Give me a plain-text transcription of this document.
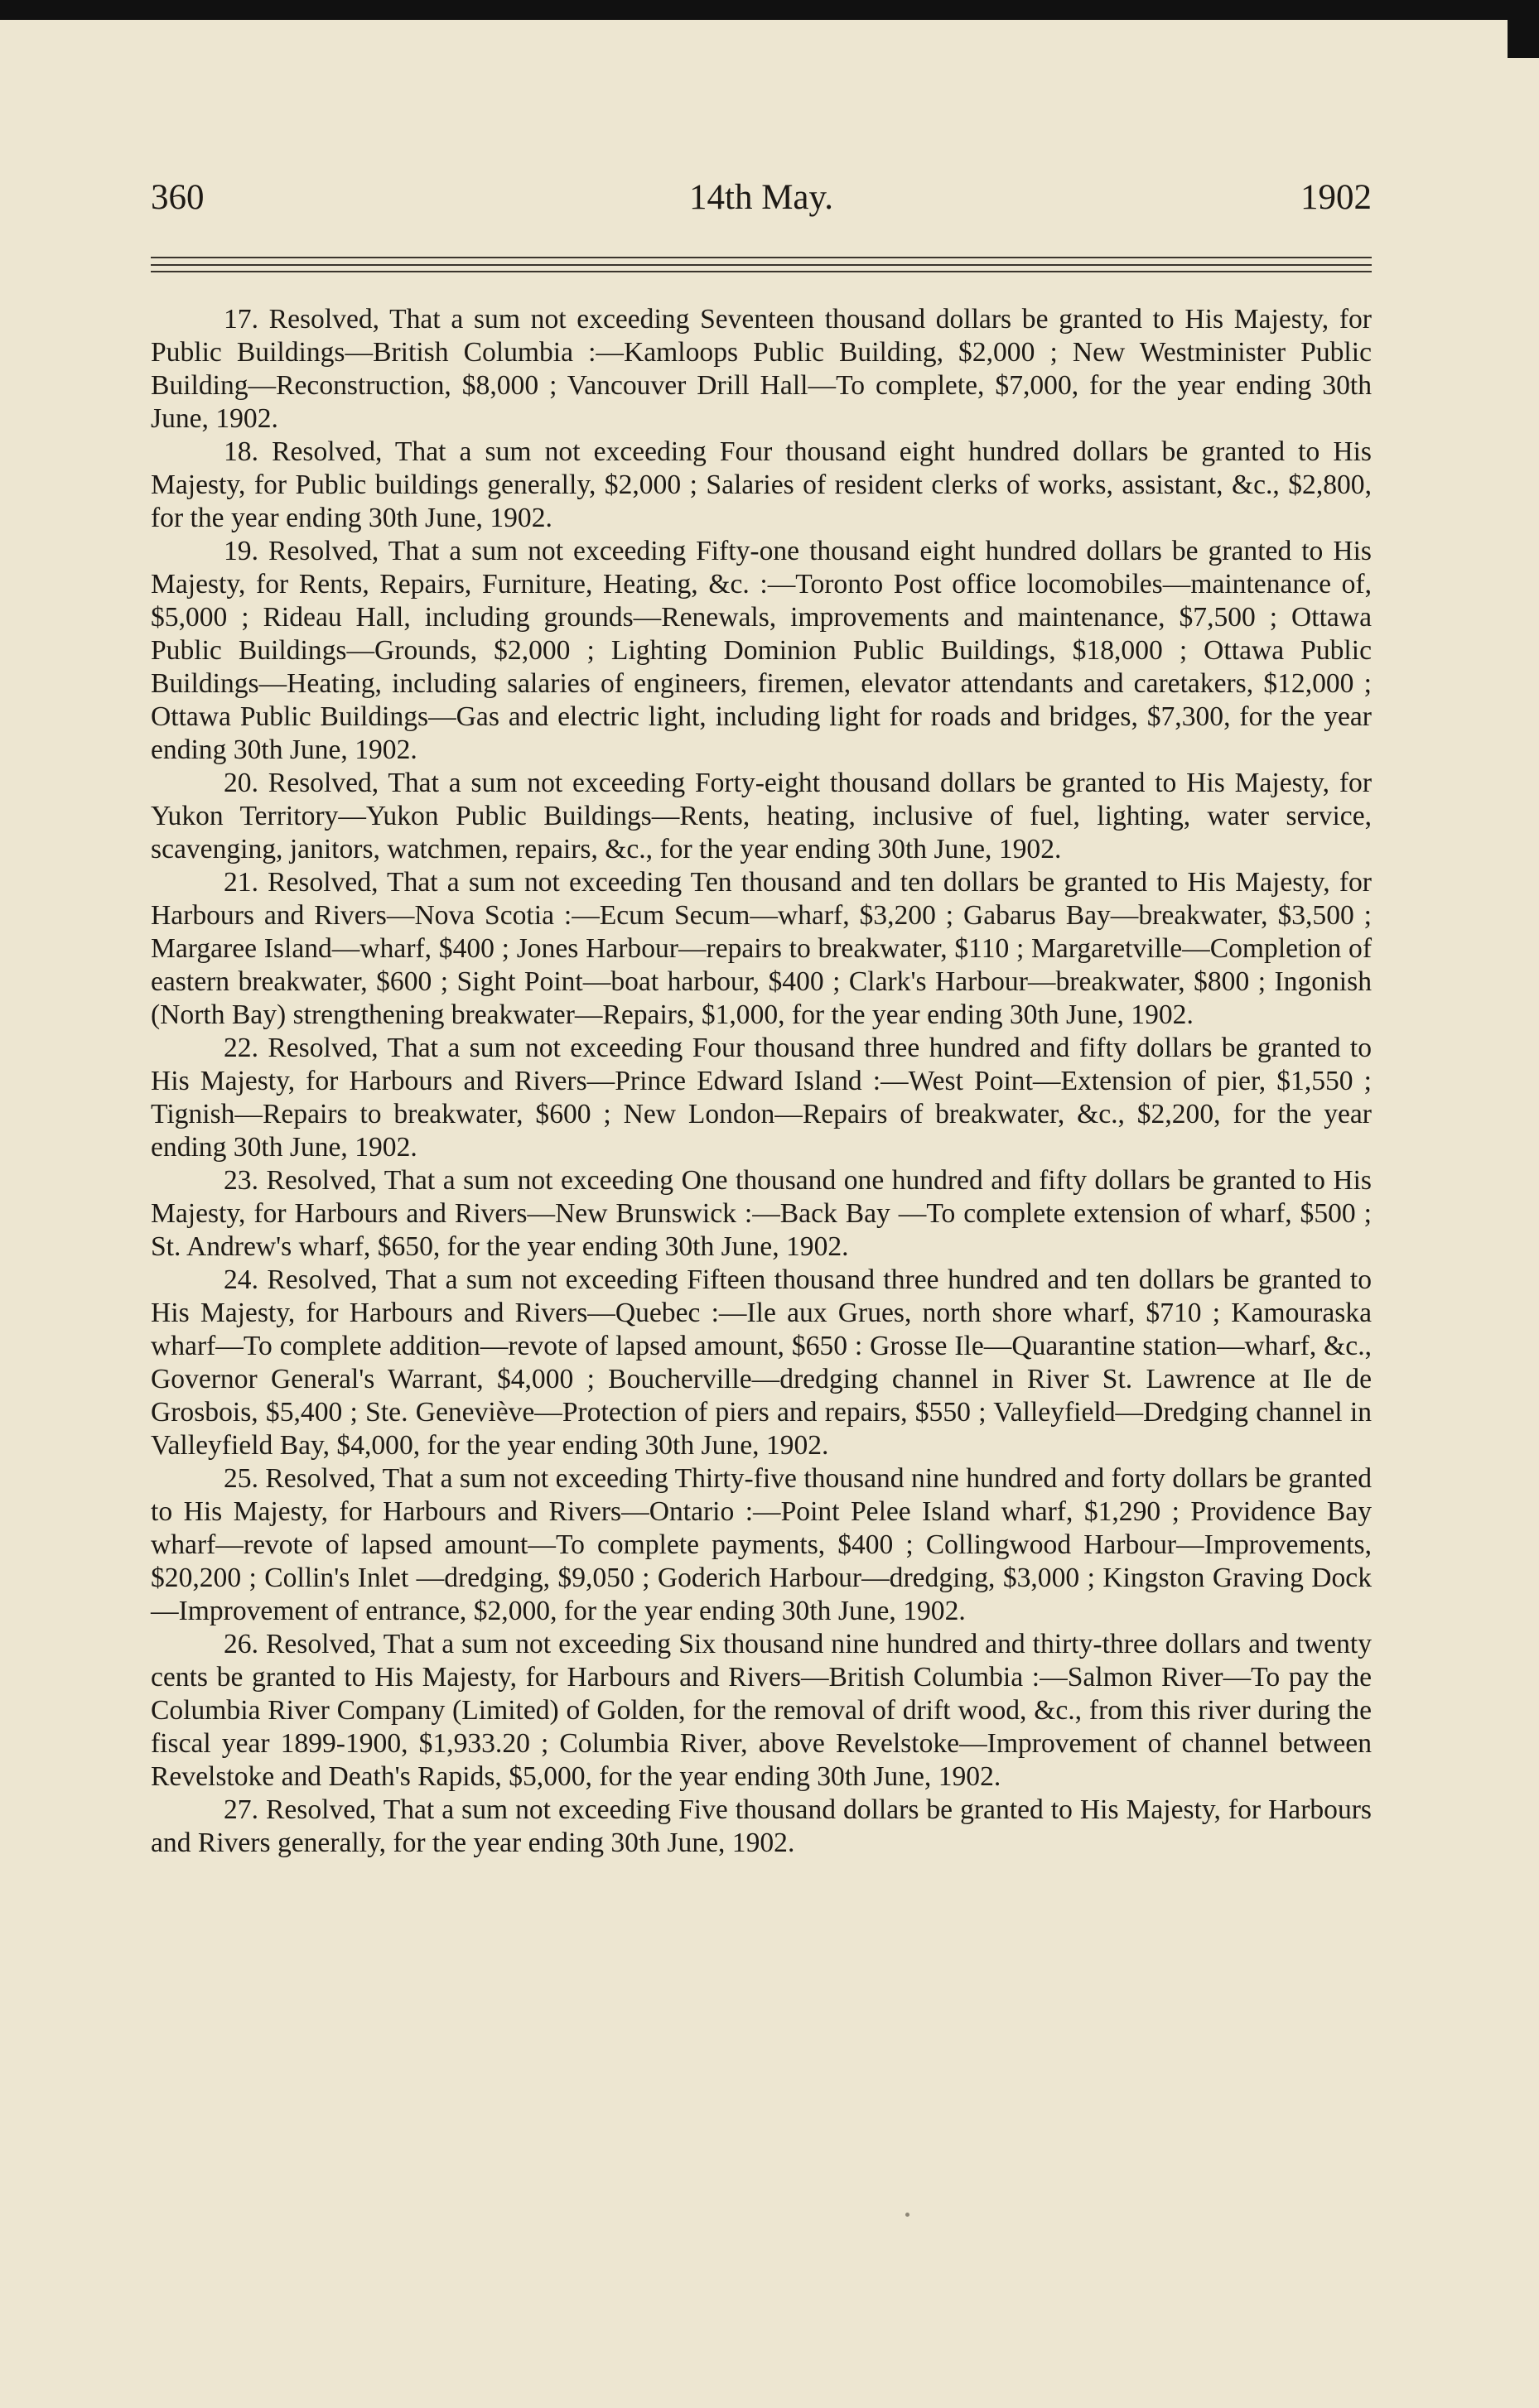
360	14th May.	1902

17. Resolved, That a sum not exceeding Seventeen thousand dollars be granted to His Majesty, for Public Buildings—British Columbia :—Kamloops Public Building, $2,000 ; New Westminister Public Building—Reconstruction, $8,000 ; Vancouver Drill Hall—To complete, $7,000, for the year ending 30th June, 1902.

18. Resolved, That a sum not exceeding Four thousand eight hundred dollars be granted to His Majesty, for Public buildings generally, $2,000 ; Salaries of resident clerks of works, assistant, &c., $2,800, for the year ending 30th June, 1902.

19. Resolved, That a sum not exceeding Fifty-one thousand eight hundred dollars be granted to His Majesty, for Rents, Repairs, Furniture, Heating, &c. :—Toronto Post office locomobiles—maintenance of, $5,000 ; Rideau Hall, including grounds—Renewals, improvements and maintenance, $7,500 ; Ottawa Public Buildings—Grounds, $2,000 ; Lighting Dominion Public Buildings, $18,000 ; Ottawa Public Buildings—Heating, including salaries of engineers, firemen, elevator attendants and caretakers, $12,000 ; Ottawa Public Buildings—Gas and electric light, including light for roads and bridges, $7,300, for the year ending 30th June, 1902.

20. Resolved, That a sum not exceeding Forty-eight thousand dollars be granted to His Majesty, for Yukon Territory—Yukon Public Buildings—Rents, heating, inclusive of fuel, lighting, water service, scavenging, janitors, watchmen, repairs, &c., for the year ending 30th June, 1902.

21. Resolved, That a sum not exceeding Ten thousand and ten dollars be granted to His Majesty, for Harbours and Rivers—Nova Scotia :—Ecum Secum—wharf, $3,200 ; Gabarus Bay—breakwater, $3,500 ; Margaree Island—wharf, $400 ; Jones Harbour—repairs to breakwater, $110 ; Margaretville—Completion of eastern breakwater, $600 ; Sight Point—boat harbour, $400 ; Clark's Harbour—breakwater, $800 ; Ingonish (North Bay) strengthening breakwater—Repairs, $1,000, for the year ending 30th June, 1902.

22. Resolved, That a sum not exceeding Four thousand three hundred and fifty dollars be granted to His Majesty, for Harbours and Rivers—Prince Edward Island :—West Point—Extension of pier, $1,550 ; Tignish—Repairs to breakwater, $600 ; New London—Repairs of breakwater, &c., $2,200, for the year ending 30th June, 1902.

23. Resolved, That a sum not exceeding One thousand one hundred and fifty dollars be granted to His Majesty, for Harbours and Rivers—New Brunswick :—Back Bay —To complete extension of wharf, $500 ; St. Andrew's wharf, $650, for the year ending 30th June, 1902.

24. Resolved, That a sum not exceeding Fifteen thousand three hundred and ten dollars be granted to His Majesty, for Harbours and Rivers—Quebec :—Ile aux Grues, north shore wharf, $710 ; Kamouraska wharf—To complete addition—revote of lapsed amount, $650 : Grosse Ile—Quarantine station—wharf, &c., Governor General's Warrant, $4,000 ; Boucherville—dredging channel in River St. Lawrence at Ile de Grosbois, $5,400 ; Ste. Geneviève—Protection of piers and repairs, $550 ; Valleyfield—Dredging channel in Valleyfield Bay, $4,000, for the year ending 30th June, 1902.

25. Resolved, That a sum not exceeding Thirty-five thousand nine hundred and forty dollars be granted to His Majesty, for Harbours and Rivers—Ontario :—Point Pelee Island wharf, $1,290 ; Providence Bay wharf—revote of lapsed amount—To complete payments, $400 ; Collingwood Harbour—Improvements, $20,200 ; Collin's Inlet —dredging, $9,050 ; Goderich Harbour—dredging, $3,000 ; Kingston Graving Dock—Improvement of entrance, $2,000, for the year ending 30th June, 1902.

26. Resolved, That a sum not exceeding Six thousand nine hundred and thirty-three dollars and twenty cents be granted to His Majesty, for Harbours and Rivers—British Columbia :—Salmon River—To pay the Columbia River Company (Limited) of Golden, for the removal of drift wood, &c., from this river during the fiscal year 1899-1900, $1,933.20 ; Columbia River, above Revelstoke—Improvement of channel between Revelstoke and Death's Rapids, $5,000, for the year ending 30th June, 1902.

27. Resolved, That a sum not exceeding Five thousand dollars be granted to His Majesty, for Harbours and Rivers generally, for the year ending 30th June, 1902.
